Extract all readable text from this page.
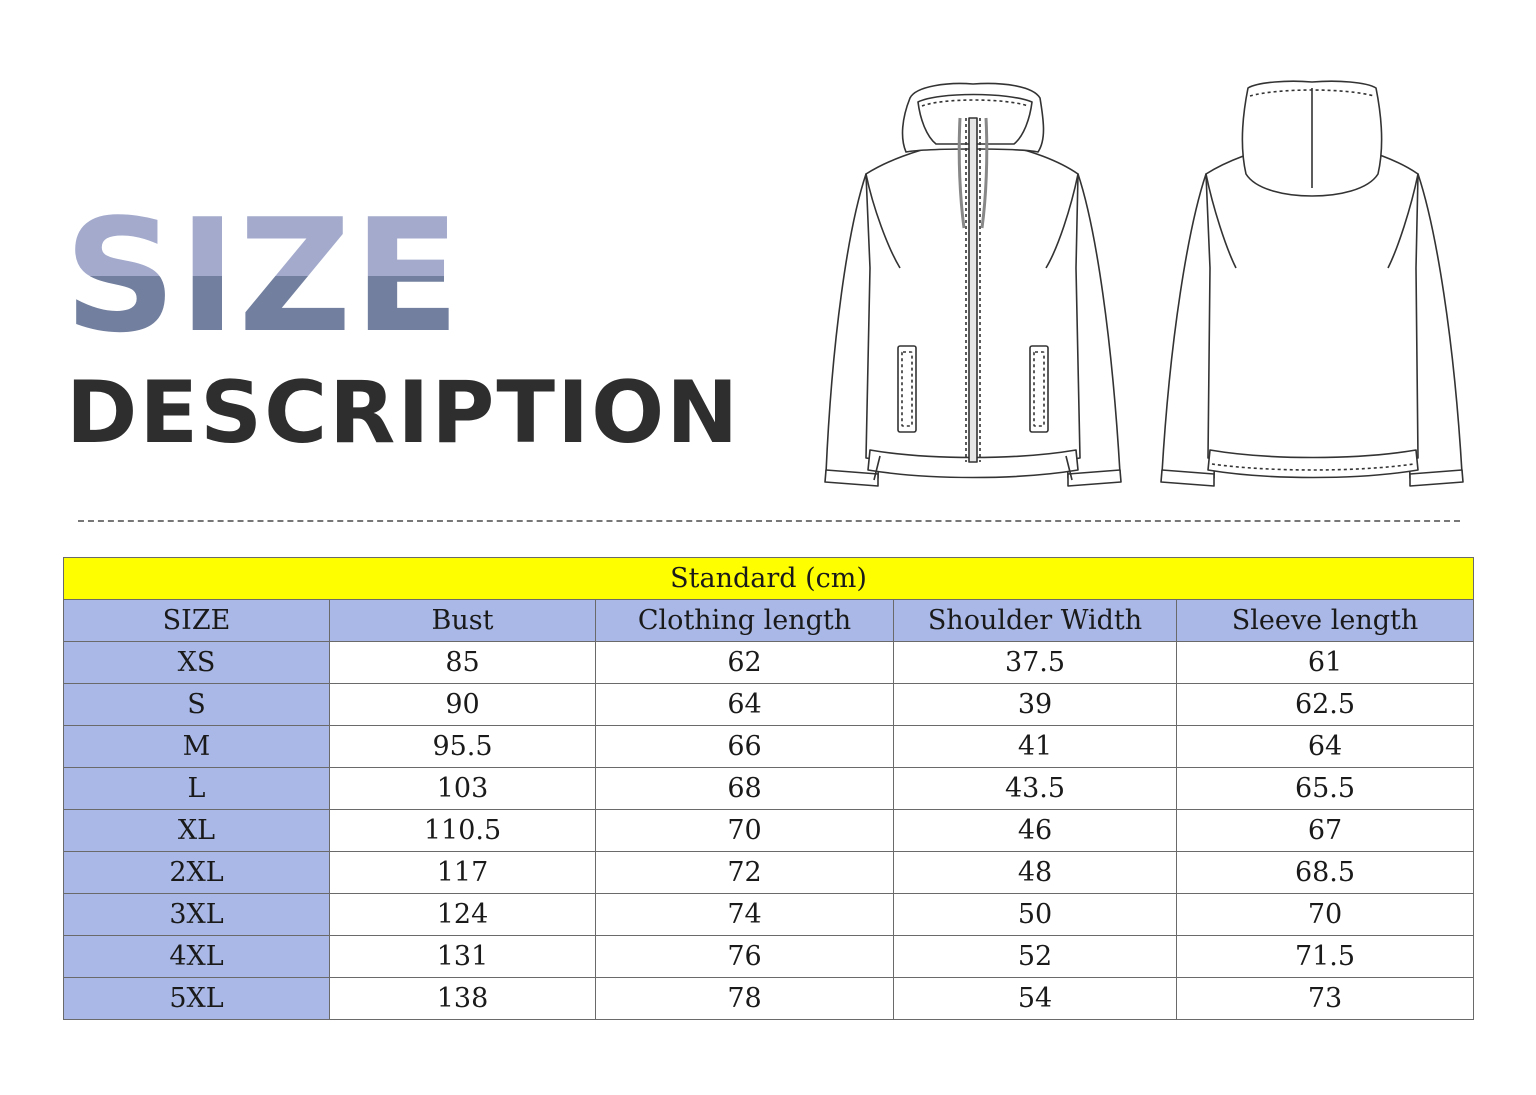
SIZE
DESCRIPTION
Standard (cm)				
SIZE	Bust	Clothing length	Shoulder Width	Sleeve length
XS	85	62	37.5	61
S	90	64	39	62.5
M	95.5	66	41	64
L	103	68	43.5	65.5
XL	110.5	70	46	67
2XL	117	72	48	68.5
3XL	124	74	50	70
4XL	131	76	52	71.5
5XL	138	78	54	73
